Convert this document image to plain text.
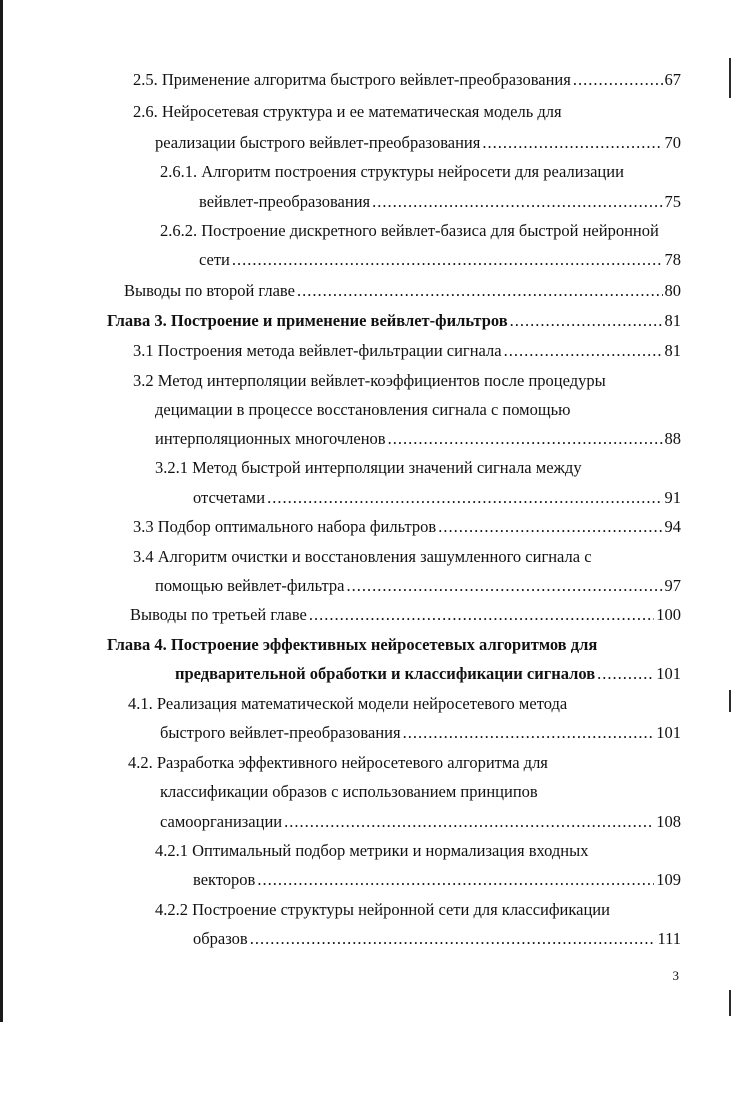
2.5. Применение алгоритма быстрого вейвлет-преобразования .....	67
2.6. Нейросетевая структура и ее математическая модель для
реализации быстрого вейвлет-преобразования .....	70
2.6.1. Алгоритм построения структуры нейросети для реализации
вейвлет-преобразования .....	75
2.6.2. Построение дискретного вейвлет-базиса для быстрой нейронной
сети .....	78
Выводы по второй главе .....	80
Глава 3. Построение и применение вейвлет-фильтров .....	81
3.1 Построения метода вейвлет-фильтрации сигнала .....	81
3.2 Метод интерполяции вейвлет-коэффициентов после процедуры
децимации в процессе восстановления сигнала с помощью
интерполяционных многочленов .....	88
3.2.1 Метод быстрой интерполяции значений сигнала между
отсчетами .....	91
3.3 Подбор оптимального набора фильтров .....	94
3.4 Алгоритм очистки и восстановления зашумленного сигнала с
помощью вейвлет-фильтра .....	97
Выводы по третьей главе .....	100
Глава 4. Построение эффективных нейросетевых алгоритмов для
предварительной обработки и классификации сигналов .....	101
4.1. Реализация математической модели нейросетевого метода
быстрого вейвлет-преобразования .....	101
4.2. Разработка эффективного нейросетевого алгоритма для
классификации образов с использованием принципов
самоорганизации .....	108
4.2.1 Оптимальный подбор метрики и нормализация входных
векторов .....	109
4.2.2 Построение структуры нейронной сети для классификации
образов .....	111
3
